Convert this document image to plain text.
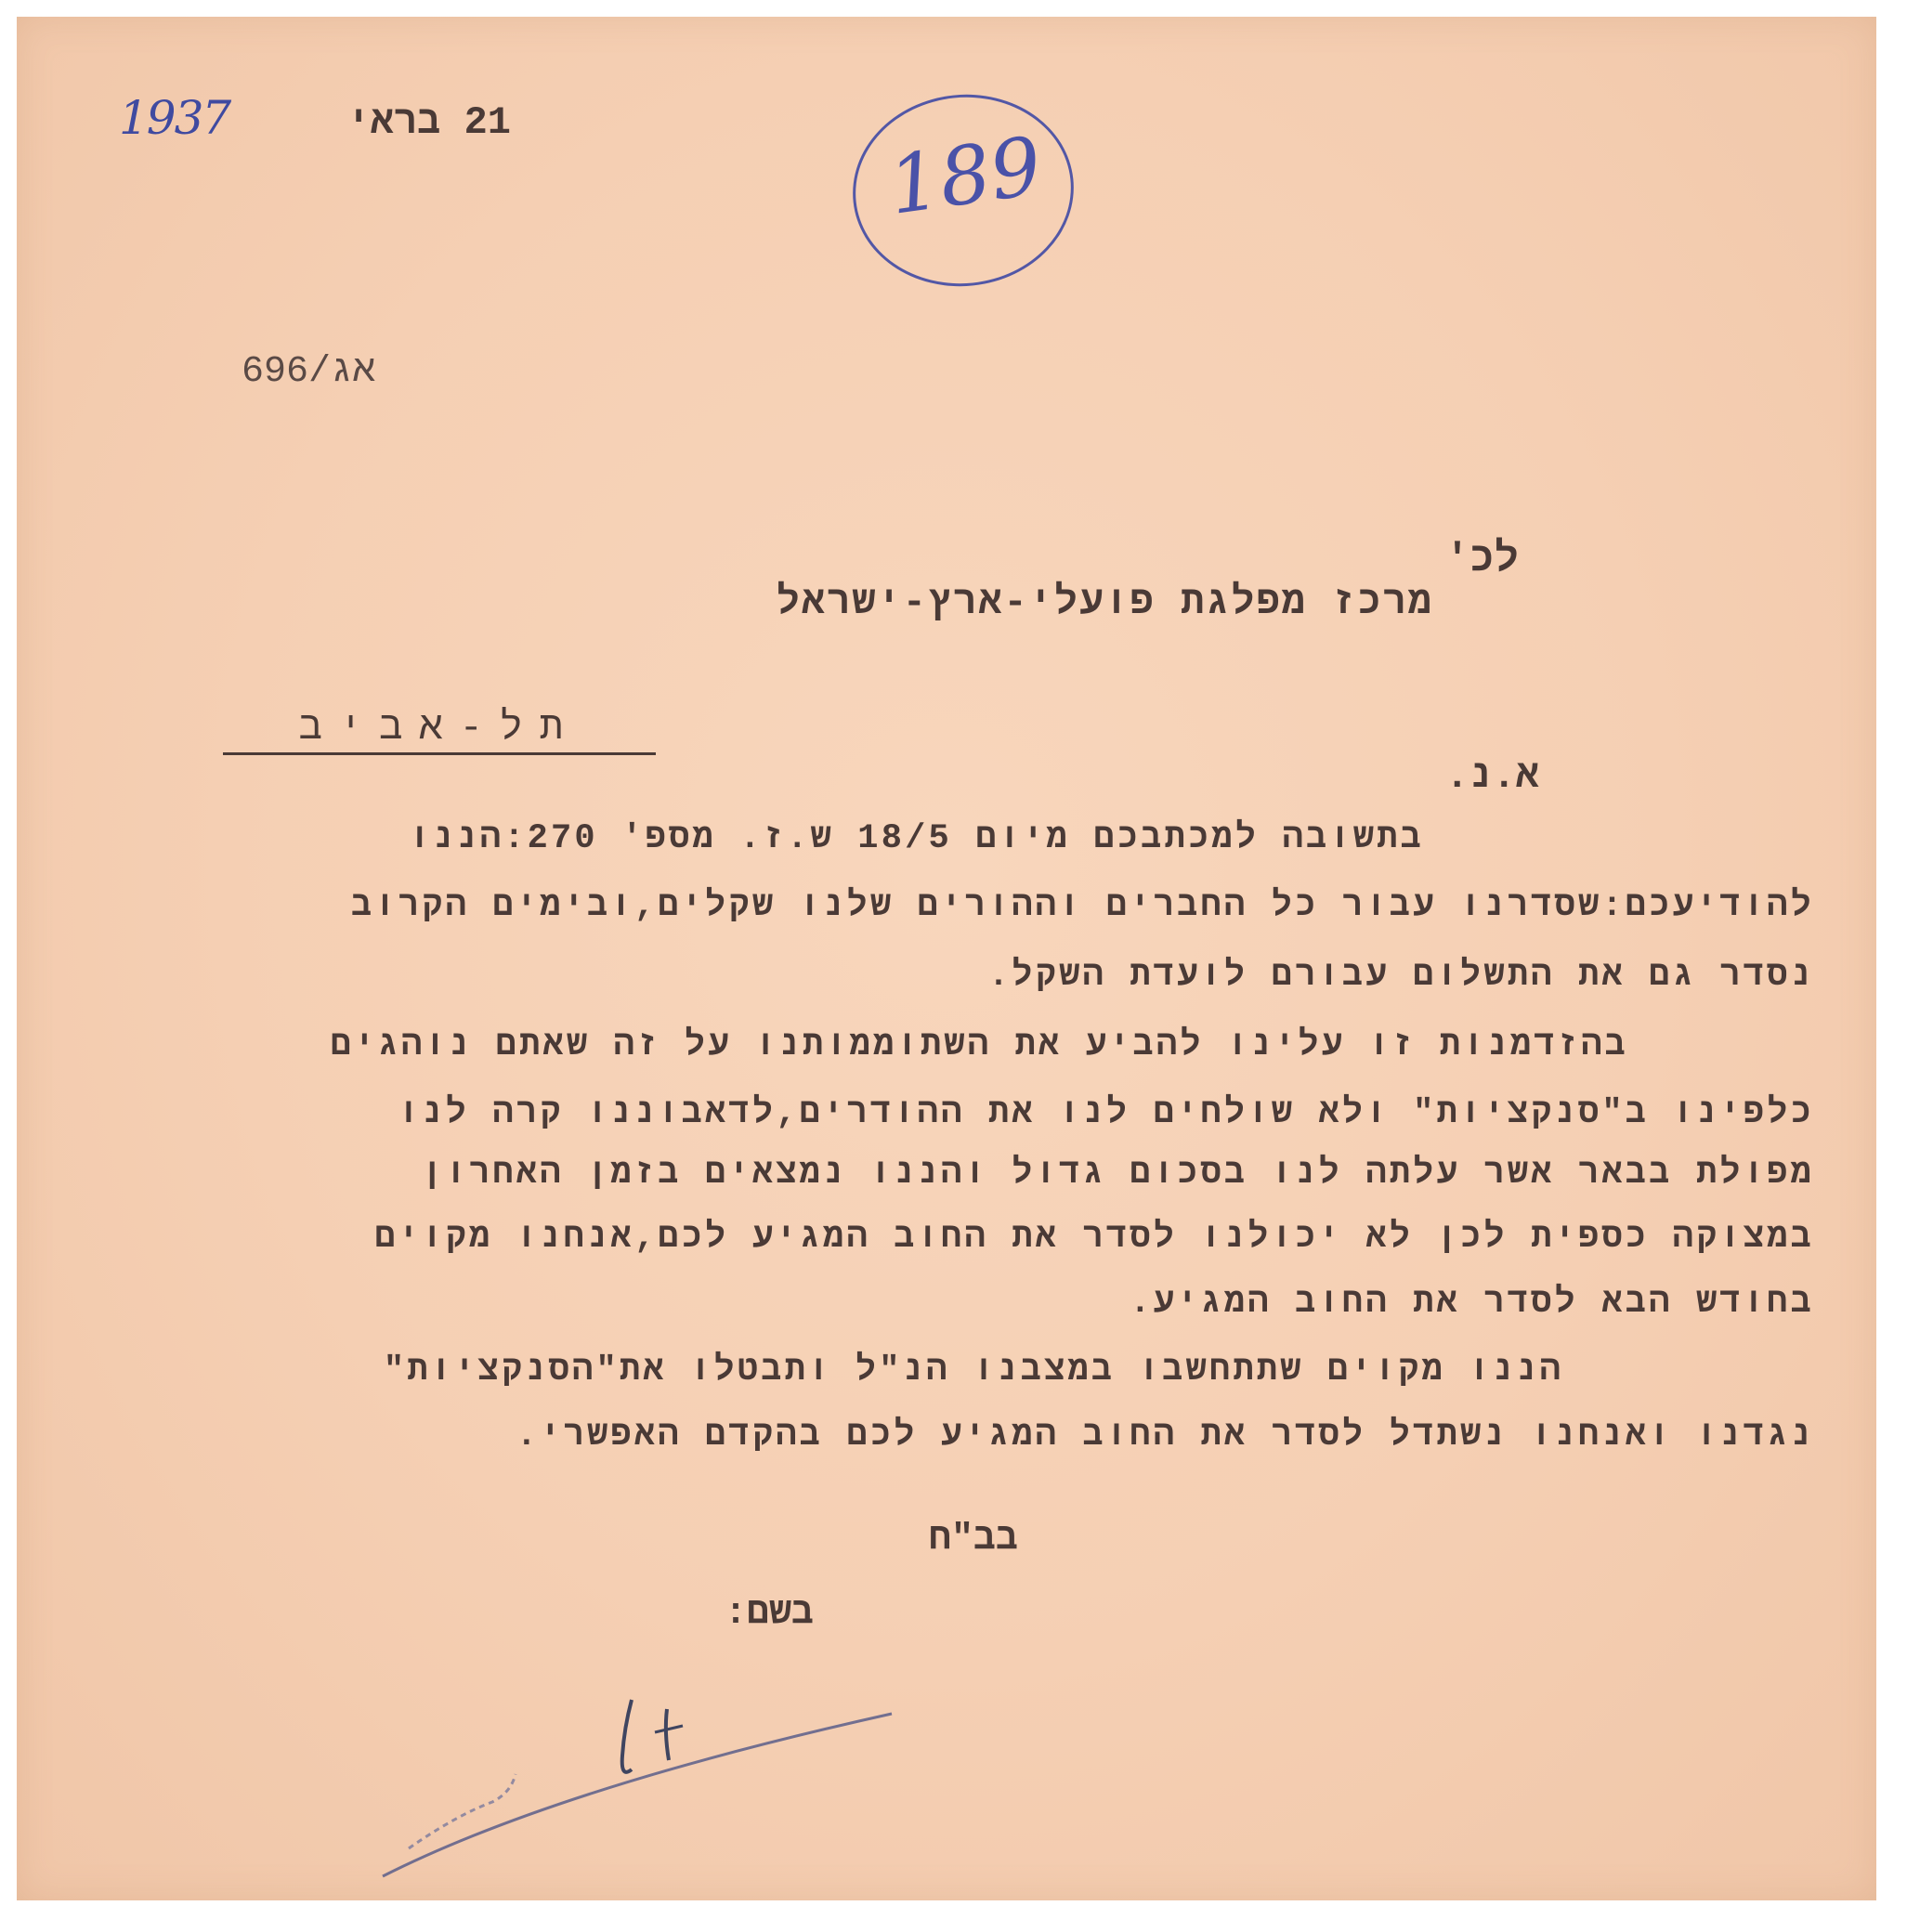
1937	21 בראי	189
אג/696
לכ'
מרכז מפלגת פועלי-ארץ-ישראל
תל-אביב
א.נ.
בתשובה למכתבכם מיום 18/5 ש.ז. מספ' 270:הננו
להודיעכם:שסדרנו עבור כל החברים וההורים שלנו שקלים,ובימים הקרוב
נסדר גם את התשלום עבורם לועדת השקל.
בהזדמנות זו עלינו להביע את השתוממותנו על זה שאתם נוהגים
כלפינו ב"סנקציות" ולא שולחים לנו את ההודרים,לדאבוננו קרה לנו
מפולת בבאר אשר עלתה לנו בסכום גדול והננו נמצאים בזמן האחרון
במצוקה כספית לכן לא יכולנו לסדר את החוב המגיע לכם,אנחנו מקוים
בחודש הבא לסדר את החוב המגיע.
הננו מקוים שתתחשבו במצבנו הנ"ל ותבטלו את"הסנקציות"
נגדנו ואנחנו נשתדל לסדר את החוב המגיע לכם בהקדם האפשרי.
בב"ח
בשם:
